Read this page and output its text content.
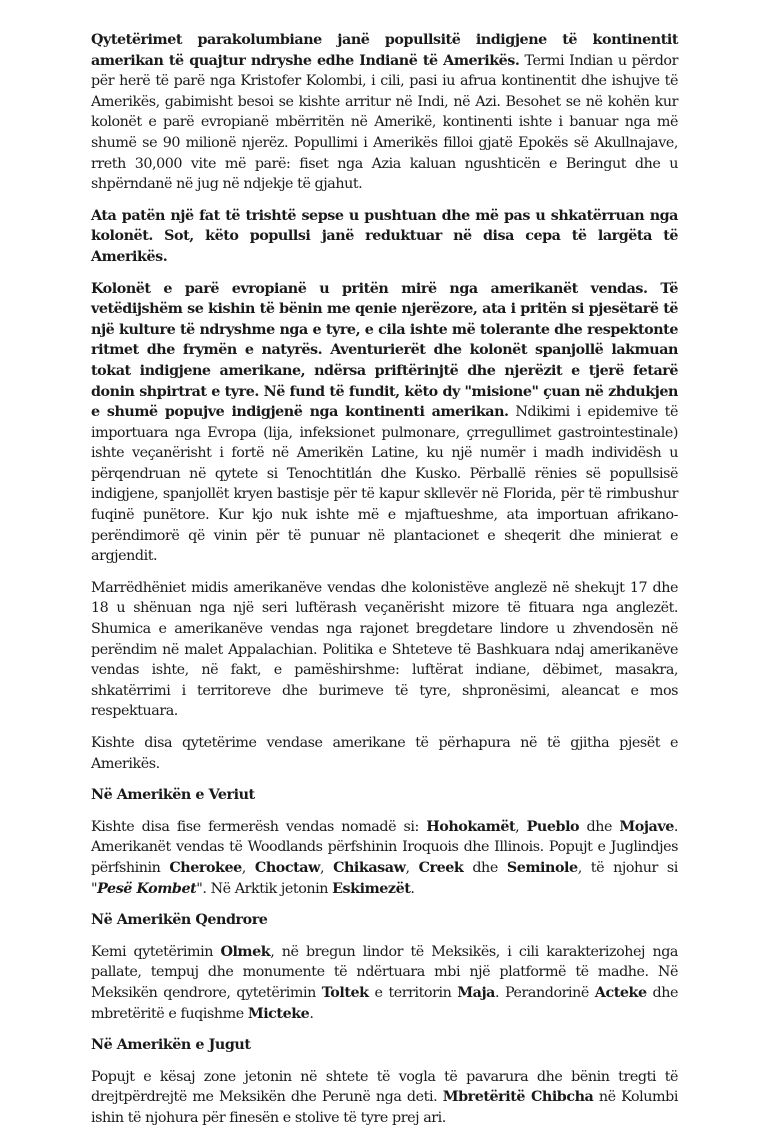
Qytetërimet parakolumbiane janë popullsitë indigjene të kontinentit amerikan të quajtur ndryshe edhe Indianë të Amerikës. Termi Indian u përdor për herë të parë nga Kristofer Kolombi, i cili, pasi iu afrua kontinentit dhe ishujve të Amerikës, gabimisht besoi se kishte arritur në Indi, në Azi. Besohet se në kohën kur kolonët e parë evropianë mbërritën në Amerikë, kontinenti ishte i banuar nga më shumë se 90 milionë njerëz. Popullimi i Amerikës filloi gjatë Epokës së Akullnajave, rreth 30,000 vite më parë: fiset nga Azia kaluan ngushticën e Beringut dhe u shpërndanë në jug në ndjekje të gjahut.

Ata patën një fat të trishtë sepse u pushtuan dhe më pas u shkatërruan nga kolonët. Sot, këto popullsi janë reduktuar në disa cepa të largëta të Amerikës.

Kolonët e parë evropianë u pritën mirë nga amerikanët vendas. Të vetëdijshëm se kishin të bënin me qenie njerëzore, ata i pritën si pjesëtarë të një kulture të ndryshme nga e tyre, e cila ishte më tolerante dhe respektonte ritmet dhe frymën e natyrës. Aventurierët dhe kolonët spanjollë lakmuan tokat indigjene amerikane, ndërsa priftërinjtë dhe njerëzit e tjerë fetarë donin shpirtrat e tyre. Në fund të fundit, këto dy "misione" çuan në zhdukjen e shumë popujve indigjenë nga kontinenti amerikan. Ndikimi i epidemive të importuara nga Evropa (lija, infeksionet pulmonare, çrregullimet gastrointestinale) ishte veçanërisht i fortë në Amerikën Latine, ku një numër i madh individësh u përqendruan në qytete si Tenochtitlán dhe Kusko. Përballë rënies së popullsisë indigjene, spanjollët kryen bastisje për të kapur skllevër në Florida, për të rimbushur fuqinë punëtore. Kur kjo nuk ishte më e mjaftueshme, ata importuan afrikano-perëndimorë që vinin për të punuar në plantacionet e sheqerit dhe minierat e argjendit.

Marrëdhëniet midis amerikanëve vendas dhe kolonistëve anglezë në shekujt 17 dhe 18 u shënuan nga një seri luftërash veçanërisht mizore të fituara nga anglezët. Shumica e amerikanëve vendas nga rajonet bregdetare lindore u zhvendosën në perëndim në malet Appalachian. Politika e Shteteve të Bashkuara ndaj amerikanëve vendas ishte, në fakt, e pamëshirshme: luftërat indiane, dëbimet, masakra, shkatërrimi i territoreve dhe burimeve të tyre, shpronësimi, aleancat e mos respektuara.

Kishte disa qytetërime vendase amerikane të përhapura në të gjitha pjesët e Amerikës.

Në Amerikën e Veriut

Kishte disa fise fermerësh vendas nomadë si: Hohokamët, Pueblo dhe Mojave. Amerikanët vendas të Woodlands përfshinin Iroquois dhe Illinois. Popujt e Juglindjes përfshinin Cherokee, Choctaw, Chikasaw, Creek dhe Seminole, të njohur si "Pesë Kombet". Në Arktik jetonin Eskimezët.

Në Amerikën Qendrore

Kemi qytetërimin Olmek, në bregun lindor të Meksikës, i cili karakterizohej nga pallate, tempuj dhe monumente të ndërtuara mbi një platformë të madhe. Në Meksikën qendrore, qytetërimin Toltek e territorin Maja. Perandorinë Acteke dhe mbretëritë e fuqishme Micteke.

Në Amerikën e Jugut

Popujt e kësaj zone jetonin në shtete të vogla të pavarura dhe bënin tregti të drejtpërdrejtë me Meksikën dhe Perunë nga deti. Mbretëritë Chibcha në Kolumbi ishin të njohura për finesën e stolive të tyre prej ari.
